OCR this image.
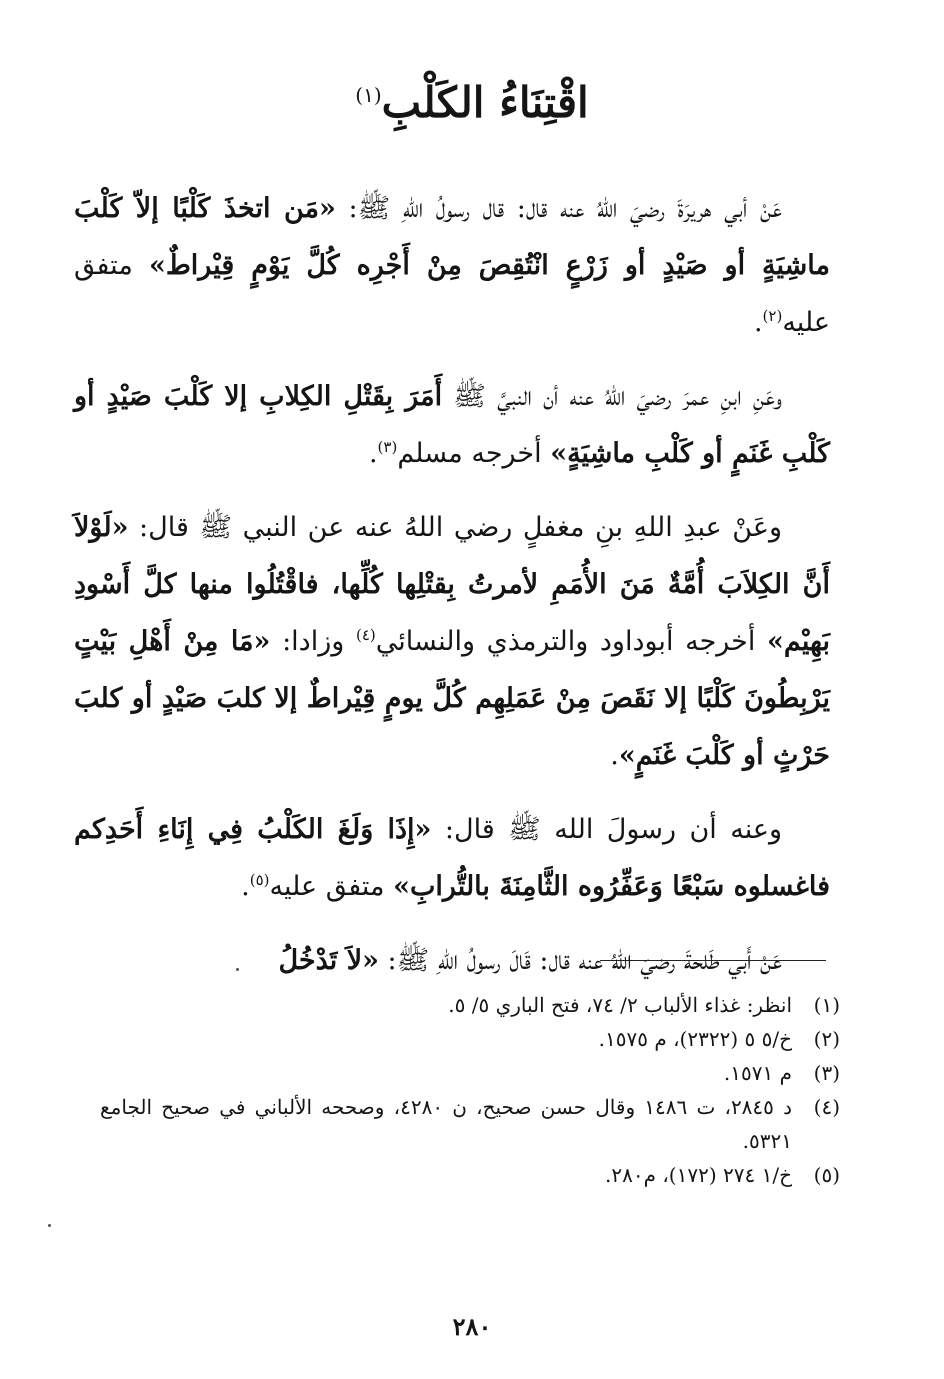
اقْتِنَاءُ الكَلْبِ$^{(١)}$

عَنْ أبي هريرَةَ رضيَ اللهُ عنه قال: قال رسولُ اللهِ ﷺ: «مَن اتخذَ كَلْبًا إلاّ كَلْبَ ماشِيَةٍ أو صَيْدٍ أو زَرْعٍ انْتُقِصَ مِنْ أَجْرِه كُلَّ يَوْمٍ قِيْراطٌ» متفق عليه$^{(٢)}$.

وعَنِ ابنِ عمرَ رضيَ اللهُ عنه أن النبيَّ ﷺ أَمَرَ بِقَتْلِ الكِلابِ إلا كَلْبَ صَيْدٍ أو كَلْبِ غَنَمٍ أو كَلْبِ ماشِيَةٍ» أخرجه مسلم$^{(٣)}$.

وعَنْ عبدِ اللهِ بنِ مغفلٍ رضي اللهُ عنه عن النبي ﷺ قال: «لَوْلاَ أَنَّ الكِلاَبَ أُمَّةٌ مَنَ الأُمَمِ لأمرتُ بِقتْلِها كُلِّها، فاقْتُلُوا منها كلَّ أَسْودِ بَهِيْم» أخرجه أبوداود والترمذي والنسائي$^{(٤)}$ وزادا: «مَا مِنْ أَهْلِ بَيْتٍ يَرْبِطُونَ كَلْبًا إلا نَقَصَ مِنْ عَمَلِهِم كُلَّ يومٍ قِيْراطٌ إلا كلبَ صَيْدٍ أو كلبَ حَرْثٍ أو كَلْبَ غَنَمٍ».

وعنه أن رسولَ الله ﷺ قال: «إِذَا وَلَغَ الكَلْبُ فِي إِنَاءِ أَحَدِكم فاغسلوه سَبْعًا وَعَفِّرُوه الثَّامِنَةَ بالتُّرابِ» متفق عليه$^{(٥)}$.

عَنْ أَبي طَلحةَ رضيَ اللهُ عنه قال: قَالَ رسولُ اللهِ ﷺ: «لاَ تَدْخُلُ

(١)
انظر: غذاء الألباب ٢/ ٧٤، فتح الباري ٥/ ٥.
(٢)
خ/٥ ٥ (٢٣٢٢)، م ١٥٧٥.
(٣)
م ١٥٧١.
(٤)
د ٢٨٤٥، ت ١٤٨٦ وقال حسن صحيح، ن ٤٢٨٠، وصححه الألباني في صحيح الجامع ٥٣٢١.
(٥)
خ/١ ٢٧٤ (١٧٢)، م٢٨٠.
٢٨٠
